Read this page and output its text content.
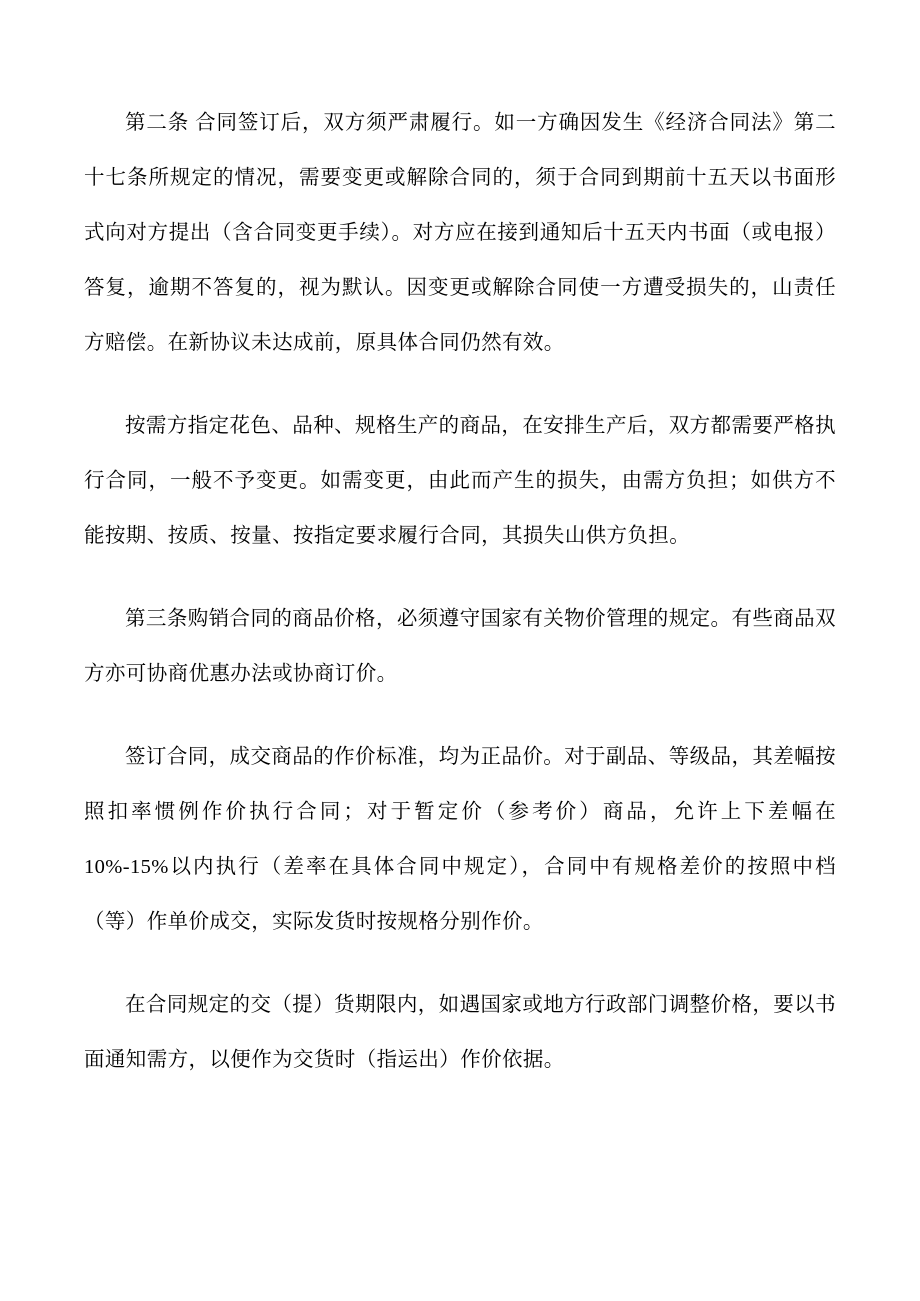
第二条 合同签订后，双方须严肃履行。如一方确因发生《经济合同法》第二十七条所规定的情况，需要变更或解除合同的，须于合同到期前十五天以书面形式向对方提出（含合同变更手续）。对方应在接到通知后十五天内书面（或电报）答复，逾期不答复的，视为默认。因变更或解除合同使一方遭受损失的，山责任方赔偿。在新协议未达成前，原具体合同仍然有效。

按需方指定花色、品种、规格生产的商品，在安排生产后，双方都需要严格执行合同，一般不予变更。如需变更，由此而产生的损失，由需方负担；如供方不能按期、按质、按量、按指定要求履行合同，其损失山供方负担。

第三条购销合同的商品价格，必须遵守国家有关物价管理的规定。有些商品双方亦可协商优惠办法或协商订价。

签订合同，成交商品的作价标准，均为正品价。对于副品、等级品，其差幅按照扣率惯例作价执行合同；对于暂定价（参考价）商品，允许上下差幅在10%-15%以内执行（差率在具体合同中规定），合同中有规格差价的按照中档（等）作单价成交，实际发货时按规格分别作价。

在合同规定的交（提）货期限内，如遇国家或地方行政部门调整价格，要以书面通知需方，以便作为交货时（指运出）作价依据。
